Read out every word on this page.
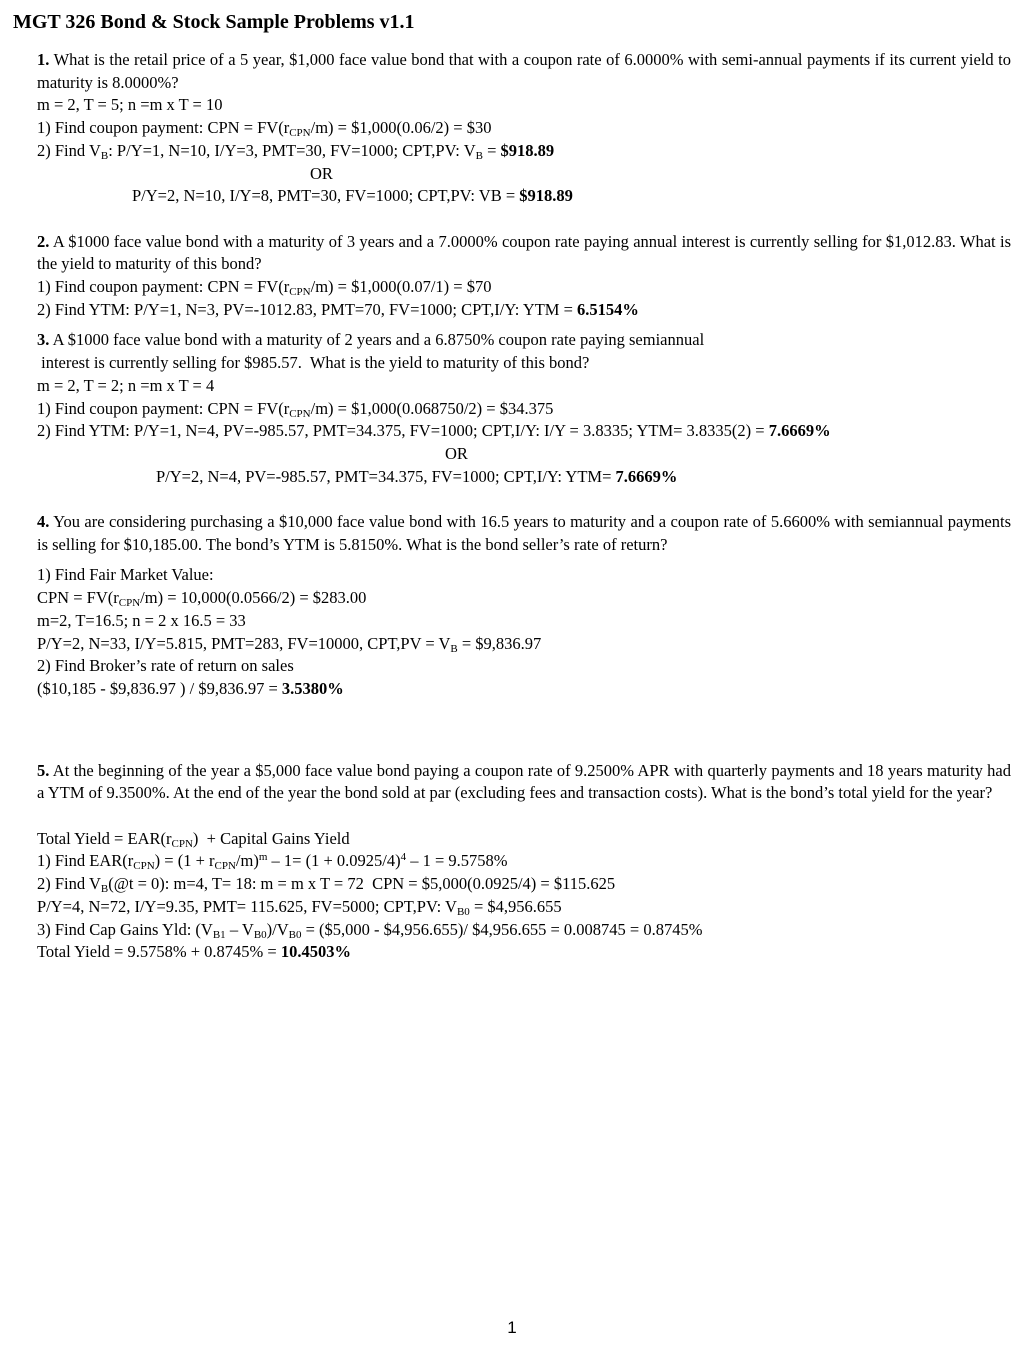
MGT 326 Bond & Stock Sample Problems v1.1

1. What is the retail price of a 5 year, $1,000 face value bond that with a coupon rate of 6.0000% with semi-annual payments if its current yield to maturity is 8.0000%?

m = 2, T = 5; n =m x T = 10

1) Find coupon payment: CPN = $FV(r_{CPN}/m)$ = $1,000(0.06/2) = $30

2) Find $V_B$: P/Y=1, N=10, I/Y=3, PMT=30, FV=1000; CPT,PV: $V_B$ = $918.89

OR

P/Y=2, N=10, I/Y=8, PMT=30, FV=1000; CPT,PV: VB = $918.89

2. A $1000 face value bond with a maturity of 3 years and a 7.0000% coupon rate paying annual interest is currently selling for $1,012.83. What is the yield to maturity of this bond?

1) Find coupon payment: CPN = $FV(r_{CPN}/m)$ = $1,000(0.07/1) = $70

2) Find YTM: P/Y=1, N=3, PV=-1012.83, PMT=70, FV=1000; CPT,I/Y: YTM = 6.5154%

3. A $1000 face value bond with a maturity of 2 years and a 6.8750% coupon rate paying semiannual

interest is currently selling for $985.57.  What is the yield to maturity of this bond?

m = 2, T = 2; n =m x T = 4

1) Find coupon payment: CPN = $FV(r_{CPN}/m)$ = $1,000(0.068750/2) = $34.375

2) Find YTM: P/Y=1, N=4, PV=-985.57, PMT=34.375, FV=1000; CPT,I/Y: I/Y = 3.8335; YTM= 3.8335(2) = 7.6669%

OR

P/Y=2, N=4, PV=-985.57, PMT=34.375, FV=1000; CPT,I/Y: YTM= 7.6669%

4. You are considering purchasing a $10,000 face value bond with 16.5 years to maturity and a coupon rate of 5.6600% with semiannual payments is selling for $10,185.00. The bond’s YTM is 5.8150%. What is the bond seller’s rate of return?

1) Find Fair Market Value:

CPN = $FV(r_{CPN}/m) = 10,000(0.0566/2)$ = $283.00

m=2, T=16.5; n = 2 x 16.5 = 33

P/Y=2, N=33, I/Y=5.815, PMT=283, FV=10000, $CPT,PV = V_B$ = $9,836.97

2) Find Broker’s rate of return on sales

($10,185 - $9,836.97 ) / $9,836.97 = 3.5380%

5. At the beginning of the year a $5,000 face value bond paying a coupon rate of 9.2500% APR with quarterly payments and 18 years maturity had a YTM of 9.3500%. At the end of the year the bond sold at par (excluding fees and transaction costs). What is the bond’s total yield for the year?

Total Yield = $EAR(r_{CPN})$  + Capital Gains Yield

1) Find $EAR(r_{CPN}) = (1 + r_{CPN}/m)^m - 1= (1 + 0.0925/4)^4 - 1 = 9.5758\%$

2) Find $V_B(@t = 0)$: m=4, T= 18: m = m x T = 72  CPN = $5,000(0.0925/4) = $115.625

P/Y=4, N=72, I/Y=9.35, PMT= 115.625, FV=5000; CPT,PV: $V_{B0}$ = $4,956.655

3) Find Cap Gains Yld: $(V_{B1} - V_{B0})/V_{B0}$ = ($5,000 - $4,956.655)/ $4,956.655 = 0.008745 = 0.8745%

Total Yield = 9.5758% + 0.8745% = 10.4503%

1
